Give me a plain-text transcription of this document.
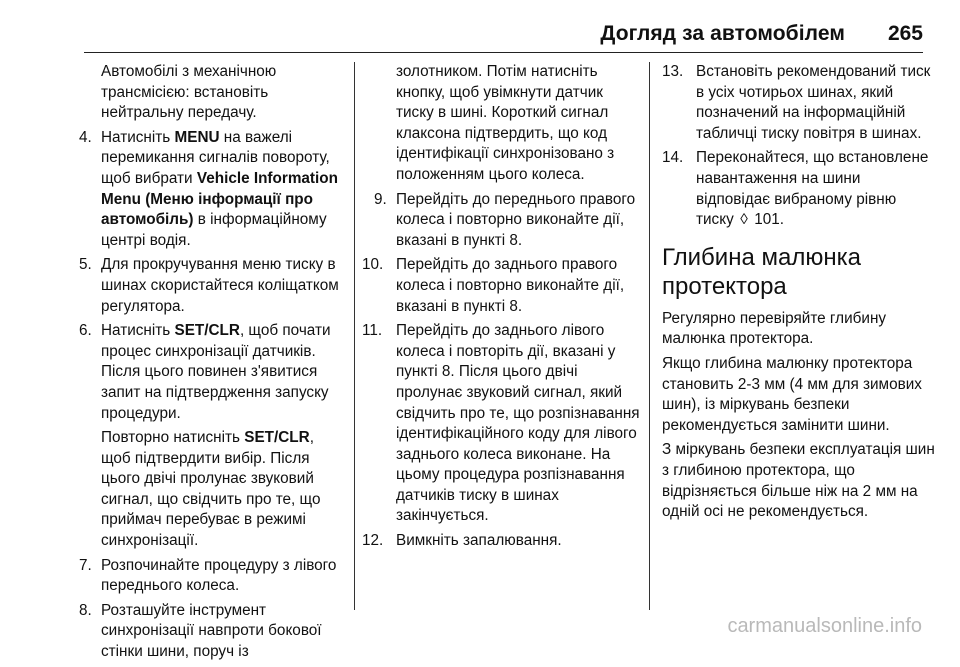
Догляд за автомобілем 265
Автомобілі з механічною трансмісією: встановіть нейтральну передачу.
4. Натисніть MENU на важелі перемикання сигналів повороту, щоб вибрати Vehicle Information Menu (Меню інформації про автомобіль) в інформаційному центрі водія.
5. Для прокручування меню тиску в шинах скористайтеся коліщатком регулятора.
6. Натисніть SET/CLR, щоб почати процес синхронізації датчиків. Після цього повинен з'явитися запит на підтвердження запуску процедури.
Повторно натисніть SET/CLR, щоб підтвердити вибір. Після цього двічі пролунає звуковий сигнал, що свідчить про те, що приймач перебуває в режимі синхронізації.
7. Розпочинайте процедуру з лівого переднього колеса.
8. Розташуйте інструмент синхронізації навпроти бокової стінки шини, поруч із
золотником. Потім натисніть кнопку, щоб увімкнути датчик тиску в шині. Короткий сигнал клаксона підтвердить, що код ідентифікації синхронізовано з положенням цього колеса.
9. Перейдіть до переднього правого колеса і повторно виконайте дії, вказані в пункті 8.
10. Перейдіть до заднього правого колеса і повторно виконайте дії, вказані в пункті 8.
11. Перейдіть до заднього лівого колеса і повторіть дії, вказані у пункті 8. Після цього двічі пролунає звуковий сигнал, який свідчить про те, що розпізнавання ідентифікаційного коду для лівого заднього колеса виконане. На цьому процедура розпізнавання датчиків тиску в шинах закінчується.
12. Вимкніть запалювання.
13. Встановіть рекомендований тиск в усіх чотирьох шинах, який позначений на інформаційній табличці тиску повітря в шинах.
14. Переконайтеся, що встановлене навантаження на шини відповідає вибраному рівню тиску ◊ 101.
Глибина малюнка протектора
Регулярно перевіряйте глибину малюнка протектора.
Якщо глибина малюнку протектора становить 2-3 мм (4 мм для зимових шин), із міркувань безпеки рекомендується замінити шини.
З міркувань безпеки експлуатація шин з глибиною протектора, що відрізняється більше ніж на 2 мм на одній осі не рекомендується.
carmanualsonline.info
